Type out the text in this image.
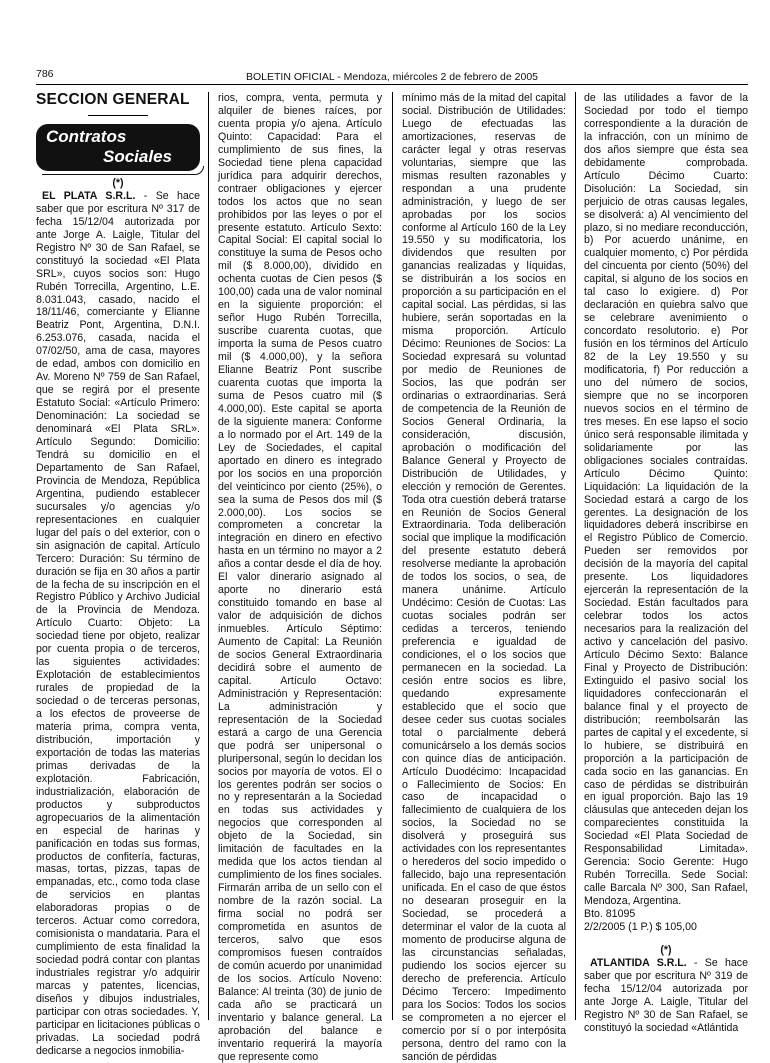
786	BOLETIN OFICIAL - Mendoza, miércoles 2 de febrero de 2005
SECCION GENERAL
Contratos
Sociales

(*)

EL PLATA S.R.L. - Se hace saber que por escritura Nº 317 de fecha 15/12/04 autorizada por ante Jorge A. Laigle, Titular del Registro Nº 30 de San Rafael, se constituyó la sociedad «El Plata SRL», cuyos socios son: Hugo Rubén Torrecilla, Argentino, L.E. 8.031.043, casado, nacido el 18/11/46, comerciante y Elianne Beatriz Pont, Argentina, D.N.I. 6.253.076, casada, nacida el 07/02/50, ama de casa, mayores de edad, ambos con domicilio en Av. Moreno Nº 759 de San Rafael, que se regirá por el presente Estatuto Social: «Artículo Primero: Denominación: La sociedad se denominará «El Plata SRL». Artículo Segundo: Domicilio: Tendrá su domicilio en el Departamento de San Rafael, Provincia de Mendoza, República Argentina, pudiendo establecer sucursales y/o agencias y/o representaciones en cualquier lugar del país o del exterior, con o sin asignación de capital. Artículo Tercero: Duración: Su término de duración se fija en 30 años a partir de la fecha de su inscripción en el Registro Público y Archivo Judicial de la Provincia de Mendoza. Artículo Cuarto: Objeto: La sociedad tiene por objeto, realizar por cuenta propia o de terceros, las siguientes actividades: Explotación de establecimientos rurales de propiedad de la sociedad o de terceras personas, a los efectos de proveerse de materia prima, compra venta, distribución, importación y exportación de todas las materias primas derivadas de la explotación. Fabricación, industrialización, elaboración de productos y subproductos agropecuarios de la alimentación en especial de harinas y panificación en todas sus formas, productos de confitería, facturas, masas, tortas, pizzas, tapas de empanadas, etc., como toda clase de servicios en plantas elaboradoras propias o de terceros. Actuar como corredora, comisionista o mandataria. Para el cumplimiento de esta finalidad la sociedad podrá contar con plantas industriales registrar y/o adquirir marcas y patentes, licencias, diseños y dibujos industriales, participar con otras sociedades. Y, participar en licitaciones públicas o privadas. La sociedad podrá dedicarse a negocios inmobilia-

rios, compra, venta, permuta y alquiler de bienes raíces, por cuenta propia y/o ajena. Artículo Quinto: Capacidad: Para el cumplimiento de sus fines, la Sociedad tiene plena capacidad jurídica para adquirir derechos, contraer obligaciones y ejercer todos los actos que no sean prohibidos por las leyes o por el presente estatuto. Artículo Sexto: Capital Social: El capital social lo constituye la suma de Pesos ocho mil ($ 8.000,00), dividido en ochenta cuotas de Cien pesos ($ 100,00) cada una de valor nominal en la siguiente proporción: el señor Hugo Rubén Torrecilla, suscribe cuarenta cuotas, que importa la suma de Pesos cuatro mil ($ 4.000,00), y la señora Elianne Beatriz Pont suscribe cuarenta cuotas que importa la suma de Pesos cuatro mil ($ 4.000,00). Este capital se aporta de la siguiente manera: Conforme a lo normado por el Art. 149 de la Ley de Sociedades, el capital aportado en dinero es integrado por los socios en una proporción del veinticinco por ciento (25%), o sea la suma de Pesos dos mil ($ 2.000,00). Los socios se comprometen a concretar la integración en dinero en efectivo hasta en un término no mayor a 2 años a contar desde el día de hoy. El valor dinerario asignado al aporte no dinerario está constituido tomando en base al valor de adquisición de dichos inmuebles. Artículo Séptimo: Aumento de Capital: La Reunión de socios General Extraordinaria decidirá sobre el aumento de capital. Artículo Octavo: Administración y Representación: La administración y representación de la Sociedad estará a cargo de una Gerencia que podrá ser unipersonal o pluripersonal, según lo decidan los socios por mayoría de votos. El o los gerentes podrán ser socios o no y representarán a la Sociedad en todas sus actividades y negocios que corresponden al objeto de la Sociedad, sin limitación de facultades en la medida que los actos tiendan al cumplimiento de los fines sociales. Firmarán arriba de un sello con el nombre de la razón social. La firma social no podrá ser comprometida en asuntos de terceros, salvo que esos compromisos fuesen contraídos de común acuerdo por unanimidad de los socios. Artículo Noveno: Balance: Al treinta (30) de junio de cada año se practicará un inventario y balance general. La aprobación del balance e inventario requerirá la mayoría que represente como

mínimo más de la mitad del capital social. Distribución de Utilidades: Luego de efectuadas las amortizaciones, reservas de carácter legal y otras reservas voluntarias, siempre que las mismas resulten razonables y respondan a una prudente administración, y luego de ser aprobadas por los socios conforme al Artículo 160 de la Ley 19.550 y su modificatoria, los dividendos que resulten por ganancias realizadas y líquidas, se distribuirán a los socios en proporción a su participación en el capital social. Las pérdidas, si las hubiere, serán soportadas en la misma proporción. Artículo Décimo: Reuniones de Socios: La Sociedad expresará su voluntad por medio de Reuniones de Socios, las que podrán ser ordinarias o extraordinarias. Será de competencia de la Reunión de Socios General Ordinaria, la consideración, discusión, aprobación o modificación del Balance General y Proyecto de Distribución de Utilidades, y elección y remoción de Gerentes. Toda otra cuestión deberá tratarse en Reunión de Socios General Extraordinaria. Toda deliberación social que implique la modificación del presente estatuto deberá resolverse mediante la aprobación de todos los socios, o sea, de manera unánime. Artículo Undécimo: Cesión de Cuotas: Las cuotas sociales podrán ser cedidas a terceros, teniendo preferencia e igualdad de condiciones, el o los socios que permanecen en la sociedad. La cesión entre socios es libre, quedando expresamente establecido que el socio que desee ceder sus cuotas sociales total o parcialmente deberá comunicárselo a los demás socios con quince días de anticipación. Artículo Duodécimo: Incapacidad o Fallecimiento de Socios: En caso de incapacidad o fallecimiento de cualquiera de los socios, la Sociedad no se disolverá y proseguirá sus actividades con los representantes o herederos del socio impedido o fallecido, bajo una representación unificada. En el caso de que éstos no desearan proseguir en la Sociedad, se procederá a determinar el valor de la cuota al momento de producirse alguna de las circunstancias señaladas, pudiendo los socios ejercer su derecho de preferencia. Artículo Décimo Tercero: Impedimento para los Socios: Todos los socios se comprometen a no ejercer el comercio por sí o por interpósita persona, dentro del ramo con la sanción de pérdidas

de las utilidades a favor de la Sociedad por todo el tiempo correspondiente a la duración de la infracción, con un mínimo de dos años siempre que ésta sea debidamente comprobada. Artículo Décimo Cuarto: Disolución: La Sociedad, sin perjuicio de otras causas legales, se disolverá: a) Al vencimiento del plazo, si no mediare reconducción, b) Por acuerdo unánime, en cualquier momento, c) Por pérdida del cincuenta por ciento (50%) del capital, si alguno de los socios en tal caso lo exigiere. d) Por declaración en quiebra salvo que se celebrare avenimiento o concordato resolutorio. e) Por fusión en los términos del Artículo 82 de la Ley 19.550 y su modificatoria, f) Por reducción a uno del número de socios, siempre que no se incorporen nuevos socios en el término de tres meses. En ese lapso el socio único será responsable ilimitada y solidariamente por las obligaciones sociales contraídas. Artículo Décimo Quinto: Liquidación: La liquidación de la Sociedad estará a cargo de los gerentes. La designación de los liquidadores deberá inscribirse en el Registro Público de Comercio. Pueden ser removidos por decisión de la mayoría del capital presente. Los liquidadores ejercerán la representación de la Sociedad. Están facultados para celebrar todos los actos necesarios para la realización del activo y cancelación del pasivo. Artículo Décimo Sexto: Balance Final y Proyecto de Distribución: Extinguido el pasivo social los liquidadores confeccionarán el balance final y el proyecto de distribución; reembolsarán las partes de capital y el excedente, si lo hubiere, se distribuirá en proporción a la participación de cada socio en las ganancias. En caso de pérdidas se distribuirán en igual proporción. Bajo las 19 cláusulas que anteceden dejan los comparecientes constituida la Sociedad «El Plata Sociedad de Responsabilidad Limitada». Gerencia: Socio Gerente: Hugo Rubén Torrecilla. Sede Social: calle Barcala Nº 300, San Rafael, Mendoza, Argentina.

Bto. 81095

2/2/2005 (1 P.) $ 105,00

(*)

ATLANTIDA S.R.L. - Se hace saber que por escritura Nº 319 de fecha 15/12/04 autorizada por ante Jorge A. Laigle, Titular del Registro Nº 30 de San Rafael, se constituyó la sociedad «Atlántida
